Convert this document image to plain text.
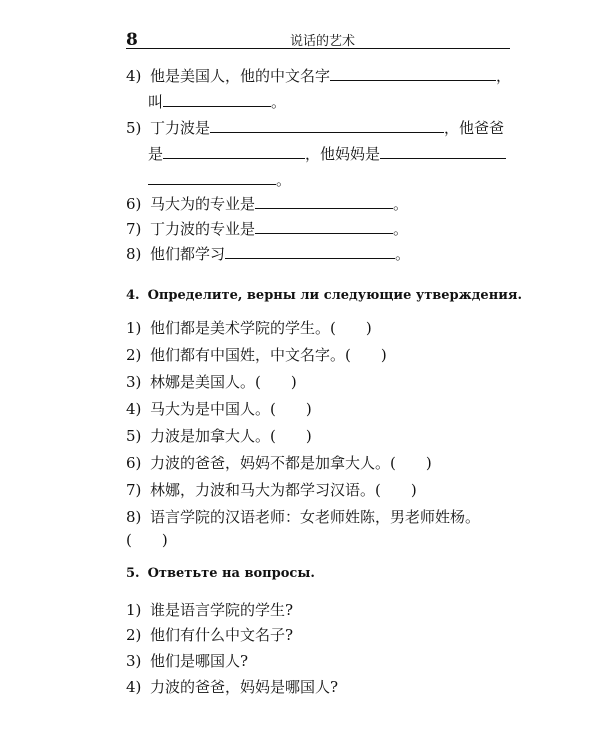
8	说话的艺术
4) 他是美国人，他的中文名字	，
叫	。
5) 丁力波是	，他爸爸
是	，他妈妈是
。
6) 马大为的专业是	。
7) 丁力波的专业是	。
8) 他们都学习	。
4. Определите, верны ли следующие утверждения.
1) 他们都是美术学院的学生。(　　)
2) 他们都有中国姓，中文名字。(　　)
3) 林娜是美国人。(　　)
4) 马大为是中国人。(　　)
5) 力波是加拿大人。(　　)
6) 力波的爸爸，妈妈不都是加拿大人。(　　)
7) 林娜，力波和马大为都学习汉语。(　　)
8) 语言学院的汉语老师：女老师姓陈，男老师姓杨。
(　　)
5. Ответьте на вопросы.
1) 谁是语言学院的学生?
2) 他们有什么中文名子?
3) 他们是哪国人?
4) 力波的爸爸，妈妈是哪国人?
